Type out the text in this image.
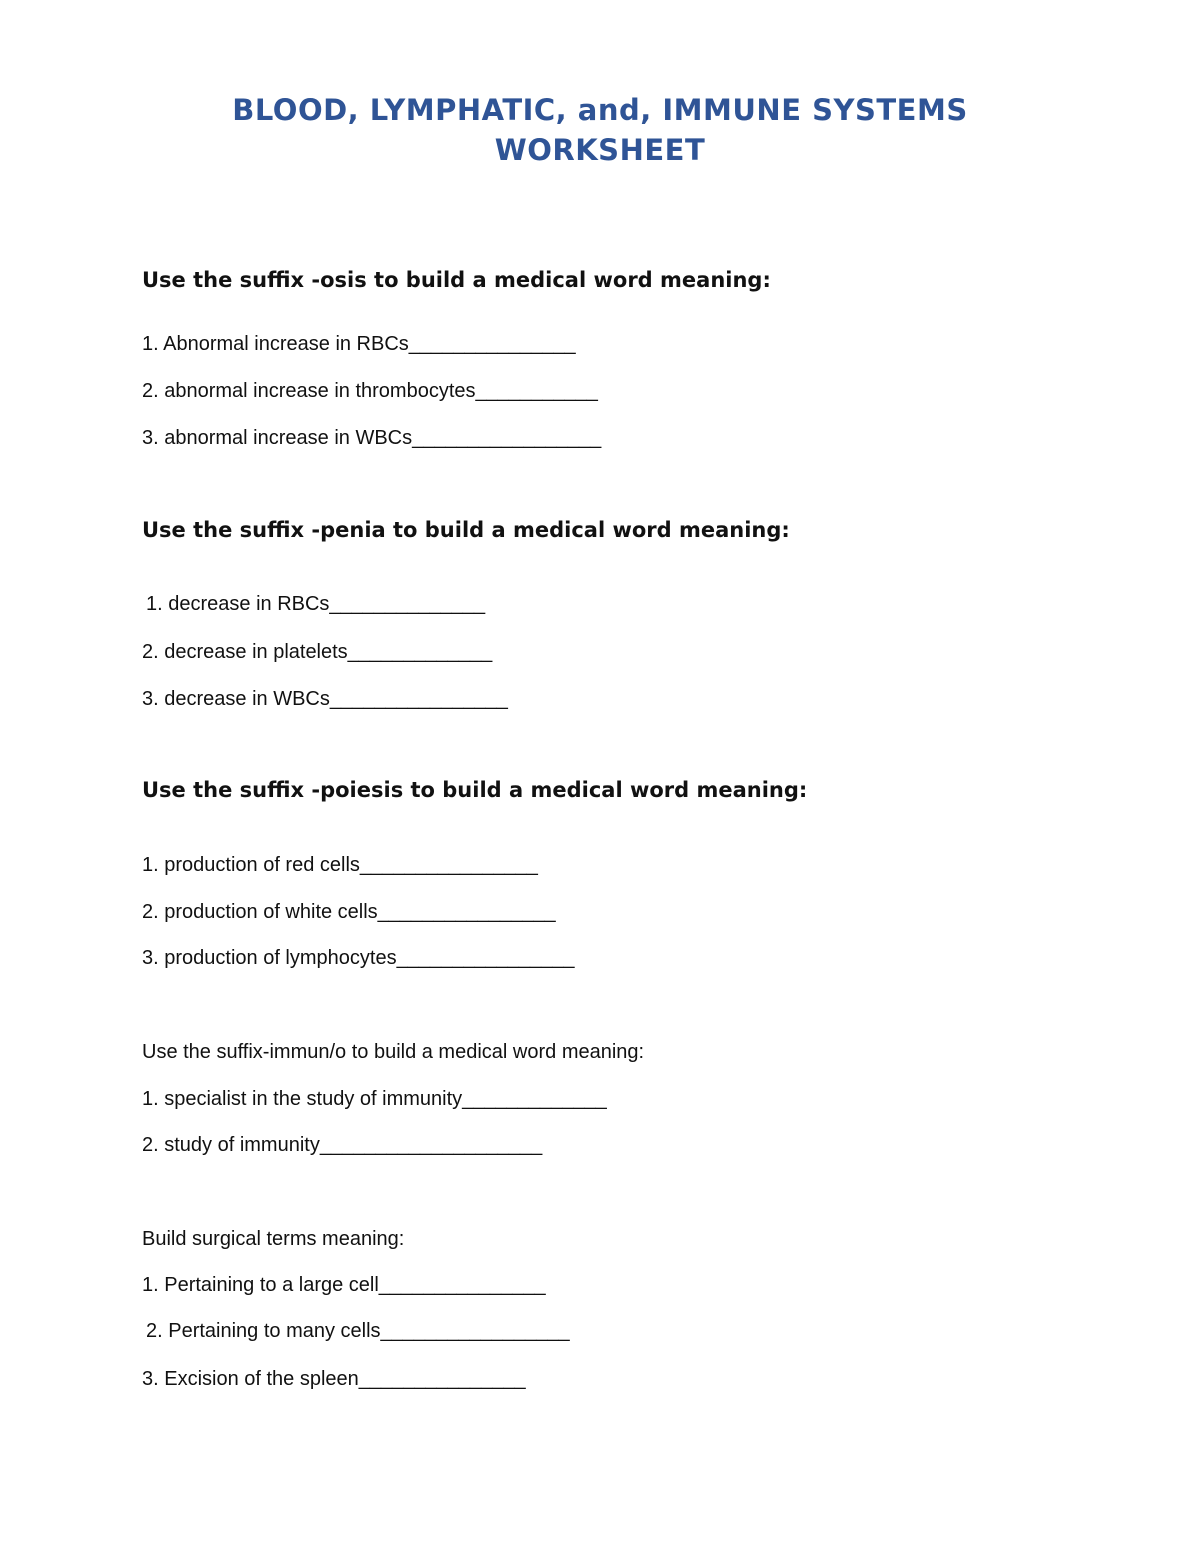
BLOOD, LYMPHATIC, and, IMMUNE SYSTEMS
WORKSHEET
Use the suffix -osis to build a medical word meaning:
1. Abnormal increase in RBCs_______________
2. abnormal increase in thrombocytes___________
3. abnormal increase in WBCs_________________
Use the suffix -penia to build a medical word meaning:
1. decrease in RBCs______________
2. decrease in platelets_____________
3. decrease in WBCs________________
Use the suffix -poiesis to build a medical word meaning:
1. production of red cells________________
2. production of white cells________________
3. production of lymphocytes________________
Use the suffix-immun/o to build a medical word meaning:
1. specialist in the study of immunity_____________
2. study of immunity____________________
Build surgical terms meaning:
1. Pertaining to a large cell_______________
2. Pertaining to many cells_________________
3. Excision of the spleen_______________
